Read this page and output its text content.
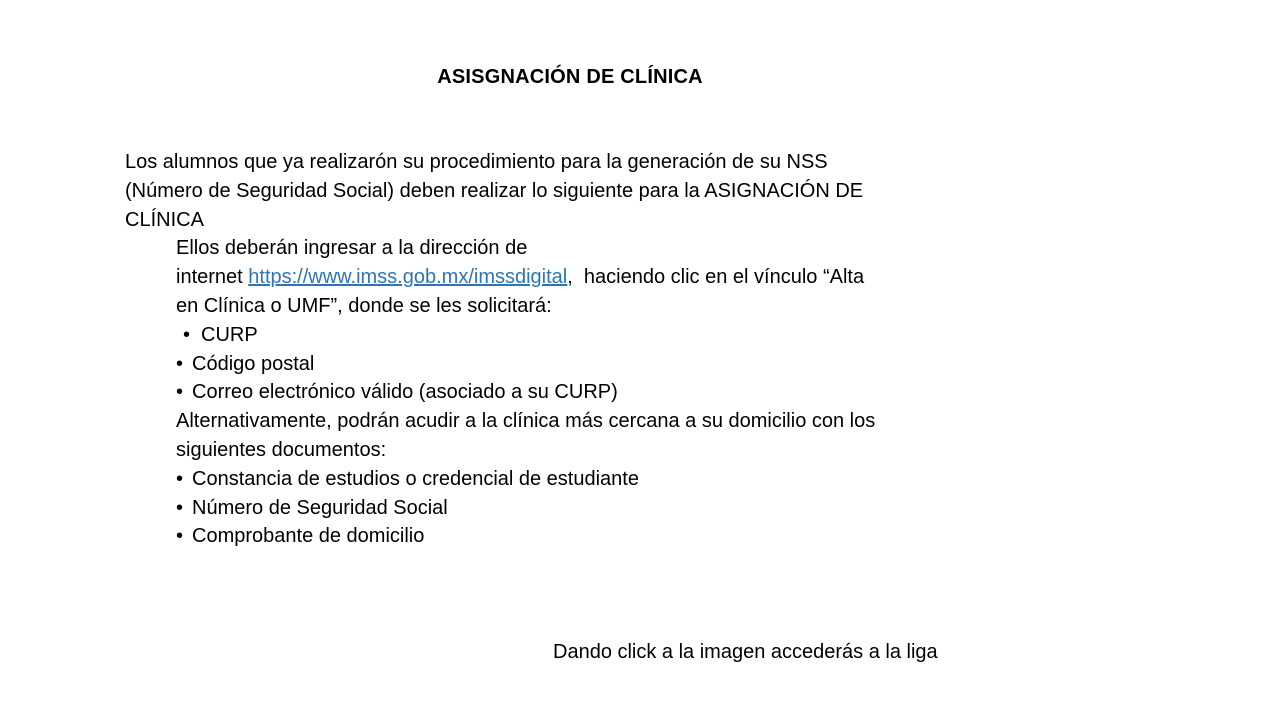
ASISGNACIÓN DE CLÍNICA
Los alumnos que ya realizarón su procedimiento para la generación de su NSS
(Número de Seguridad Social) deben realizar lo siguiente para la ASIGNACIÓN DE
CLÍNICA
Ellos deberán ingresar a la dirección de
internet https://www.imss.gob.mx/imssdigital,  haciendo clic en el vínculo “Alta
en Clínica o UMF”, donde se les solicitará:
• CURP
• Código postal
• Correo electrónico válido (asociado a su CURP)
Alternativamente, podrán acudir a la clínica más cercana a su domicilio con los
siguientes documentos:
• Constancia de estudios o credencial de estudiante
• Número de Seguridad Social
• Comprobante de domicilio
Dando click a la imagen accederás a la liga
